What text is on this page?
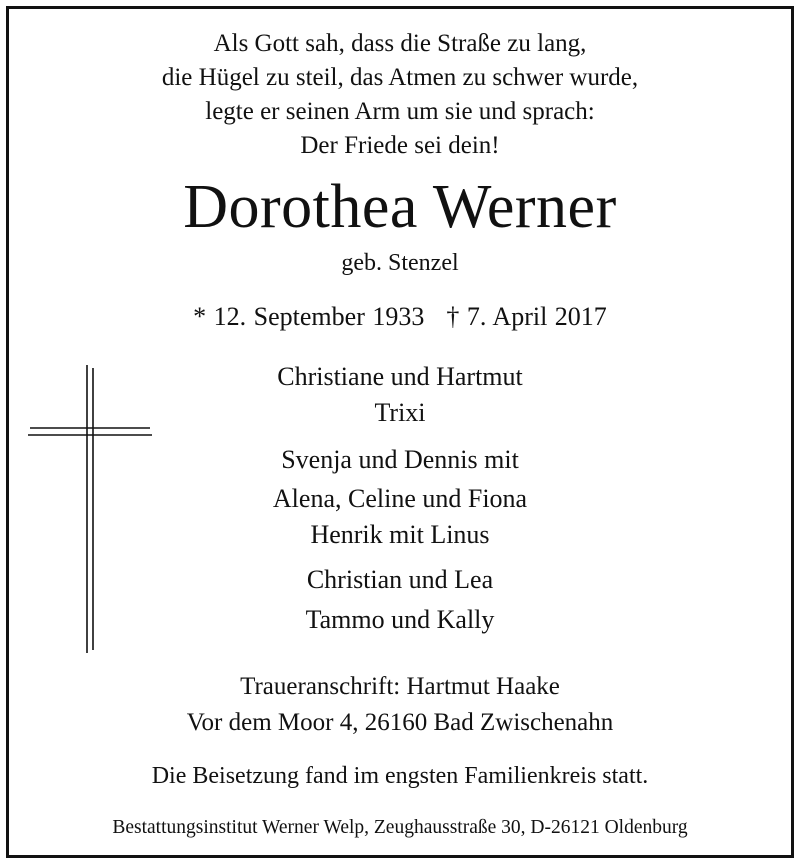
Als Gott sah, dass die Straße zu lang,
die Hügel zu steil, das Atmen zu schwer wurde,
legte er seinen Arm um sie und sprach:
Der Friede sei dein!
Dorothea Werner
geb. Stenzel
* 12. September 1933 † 7. April 2017
Christiane und Hartmut
Trixi
Svenja und Dennis mit
Alena, Celine und Fiona
Henrik mit Linus
Christian und Lea
Tammo und Kally
Traueranschrift: Hartmut Haake
Vor dem Moor 4, 26160 Bad Zwischenahn
Die Beisetzung fand im engsten Familienkreis statt.
Bestattungsinstitut Werner Welp, Zeughausstraße 30, D-26121 Oldenburg
